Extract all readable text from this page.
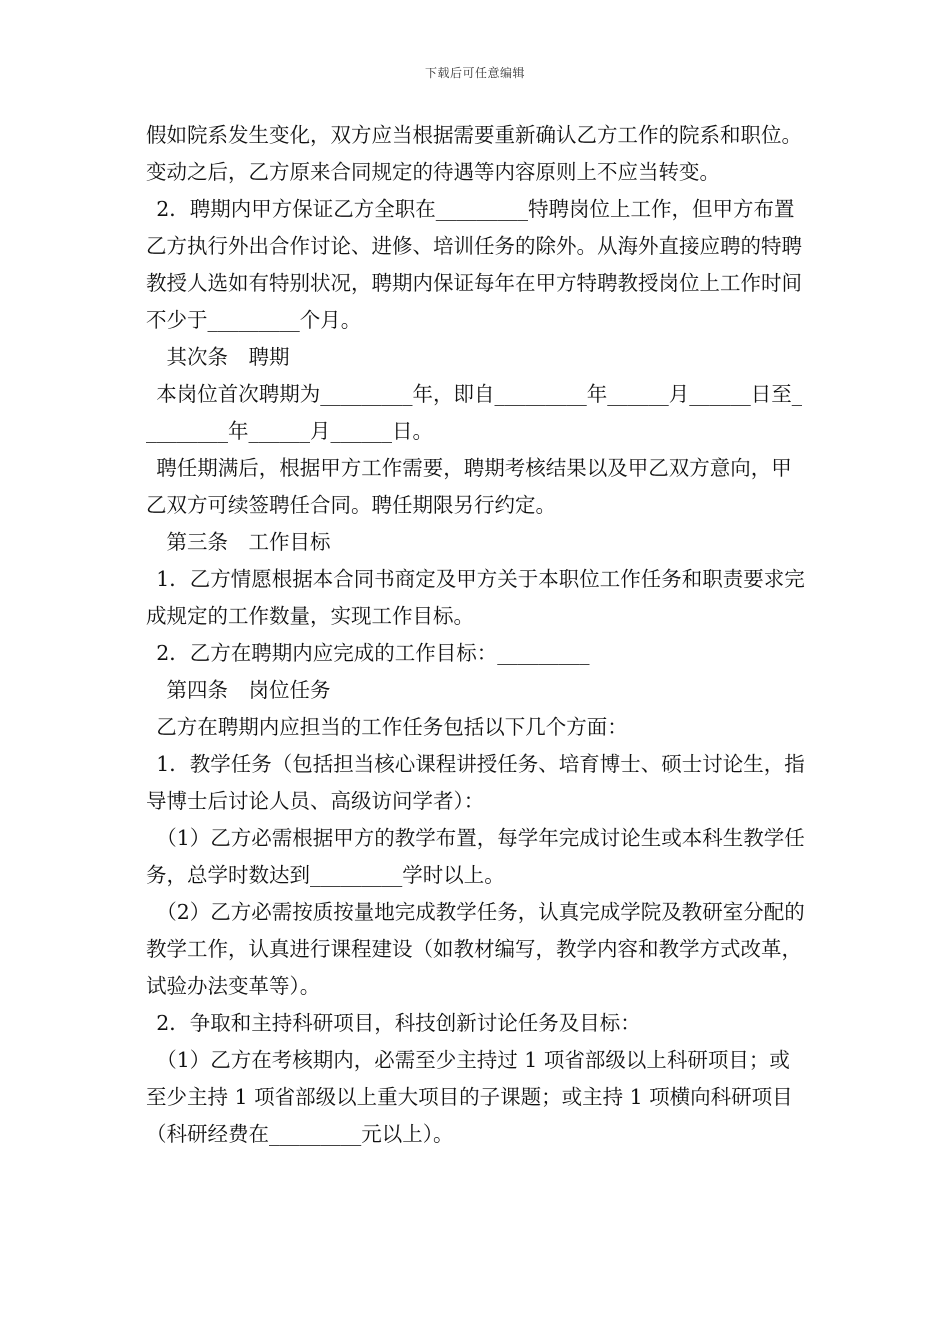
下载后可任意编辑

假如院系发生变化，双方应当根据需要重新确认乙方工作的院系和职位。变动之后，乙方原来合同规定的待遇等内容原则上不应当转变。

2．聘期内甲方保证乙方全职在_________特聘岗位上工作，但甲方布置乙方执行外出合作讨论、进修、培训任务的除外。从海外直接应聘的特聘教授人选如有特别状况，聘期内保证每年在甲方特聘教授岗位上工作时间不少于_________个月。

其次条　聘期

本岗位首次聘期为_________年，即自_________年______月______日至_________年______月______日。

聘任期满后，根据甲方工作需要，聘期考核结果以及甲乙双方意向，甲乙双方可续签聘任合同。聘任期限另行约定。

第三条　工作目标

1．乙方情愿根据本合同书商定及甲方关于本职位工作任务和职责要求完成规定的工作数量，实现工作目标。

2．乙方在聘期内应完成的工作目标：_________

第四条　岗位任务

乙方在聘期内应担当的工作任务包括以下几个方面：

1．教学任务（包括担当核心课程讲授任务、培育博士、硕士讨论生，指导博士后讨论人员、高级访问学者）：

（1）乙方必需根据甲方的教学布置，每学年完成讨论生或本科生教学任务，总学时数达到_________学时以上。

（2）乙方必需按质按量地完成教学任务，认真完成学院及教研室分配的教学工作，认真进行课程建设（如教材编写，教学内容和教学方式改革，试验办法变革等）。

2．争取和主持科研项目，科技创新讨论任务及目标：

（1）乙方在考核期内，必需至少主持过 1 项省部级以上科研项目；或至少主持 1 项省部级以上重大项目的子课题；或主持 1 项横向科研项目（科研经费在_________元以上）。
